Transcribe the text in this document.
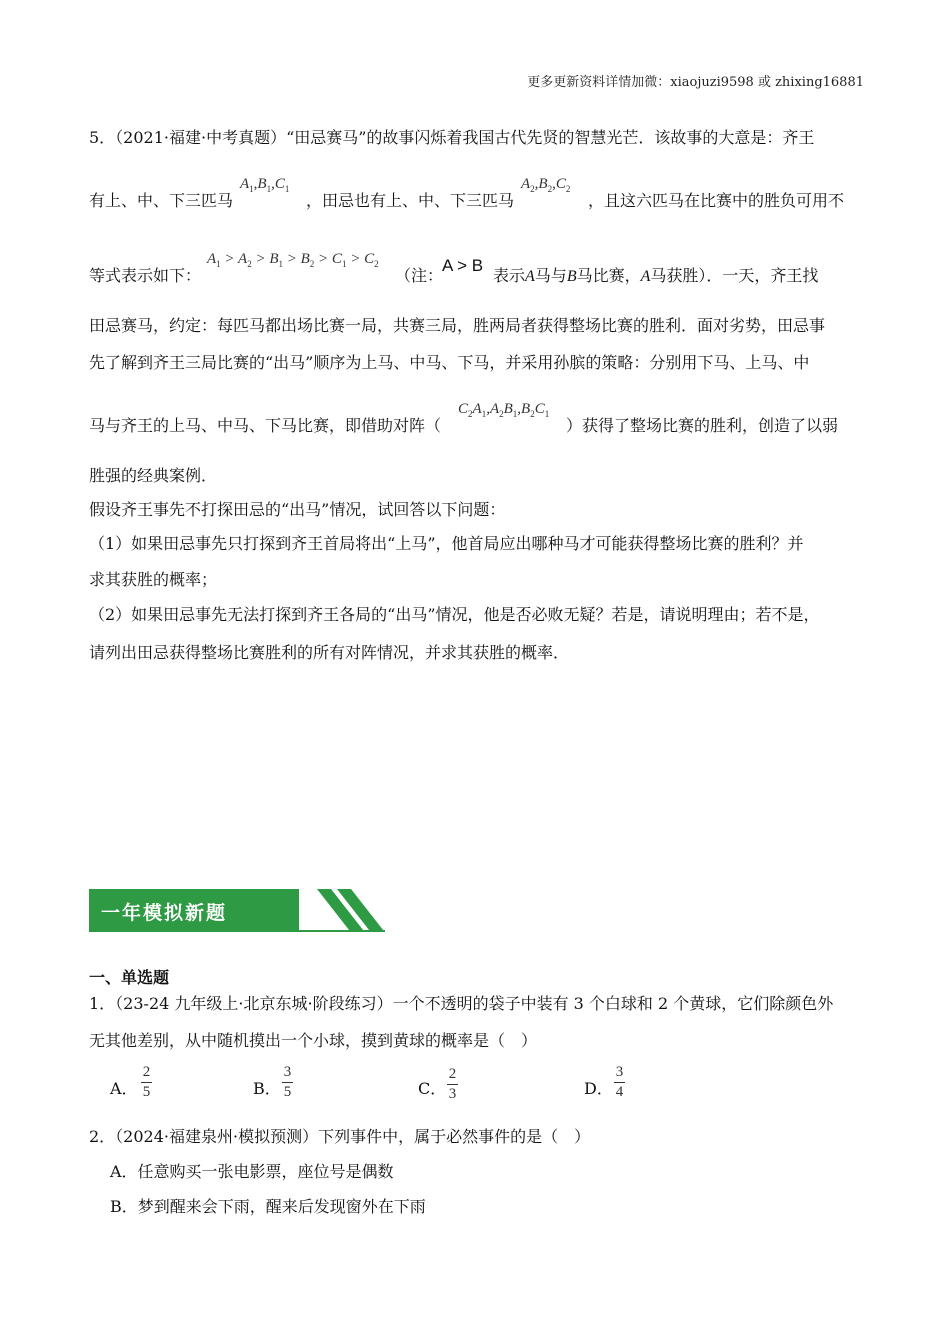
更多更新资料详情加微：xiaojuzi9598 或 zhixing16881
5．（2021·福建·中考真题）“田忌赛马”的故事闪烁着我国古代先贤的智慧光芒．该故事的大意是：齐王
有上、中、下三匹马
$A_1,B_1,C_1$
，田忌也有上、中、下三匹马
$A_2,B_2,C_2$
，且这六匹马在比赛中的胜负可用不
等式表示如下：
$A_1 > A_2 > B_1 > B_2 > C_1 > C_2$
（注：
A > B
表示A马与B马比赛，A马获胜）．一天，齐王找
田忌赛马，约定：每匹马都出场比赛一局，共赛三局，胜两局者获得整场比赛的胜利．面对劣势，田忌事
先了解到齐王三局比赛的“出马”顺序为上马、中马、下马，并采用孙膑的策略：分别用下马、上马、中
马与齐王的上马、中马、下马比赛，即借助对阵（
$C_2A_1,A_2B_1,B_2C_1$
）获得了整场比赛的胜利，创造了以弱
胜强的经典案例．
假设齐王事先不打探田忌的“出马”情况，试回答以下问题：
（1）如果田忌事先只打探到齐王首局将出“上马”，他首局应出哪种马才可能获得整场比赛的胜利？并
求其获胜的概率；
（2）如果田忌事先无法打探到齐王各局的“出马”情况，他是否必败无疑？若是，请说明理由；若不是，
请列出田忌获得整场比赛胜利的所有对阵情况，并求其获胜的概率．
一年模拟新题
一、单选题
1．（23-24 九年级上·北京东城·阶段练习）一个不透明的袋子中装有 3 个白球和 2 个黄球，它们除颜色外
无其他差别，从中随机摸出一个小球，摸到黄球的概率是（　）
A．
2
5	B．
3
5	C．
2
3	D．
3
4
2．（2024·福建泉州·模拟预测）下列事件中，属于必然事件的是（　）
A．任意购买一张电影票，座位号是偶数
B．梦到醒来会下雨，醒来后发现窗外在下雨
